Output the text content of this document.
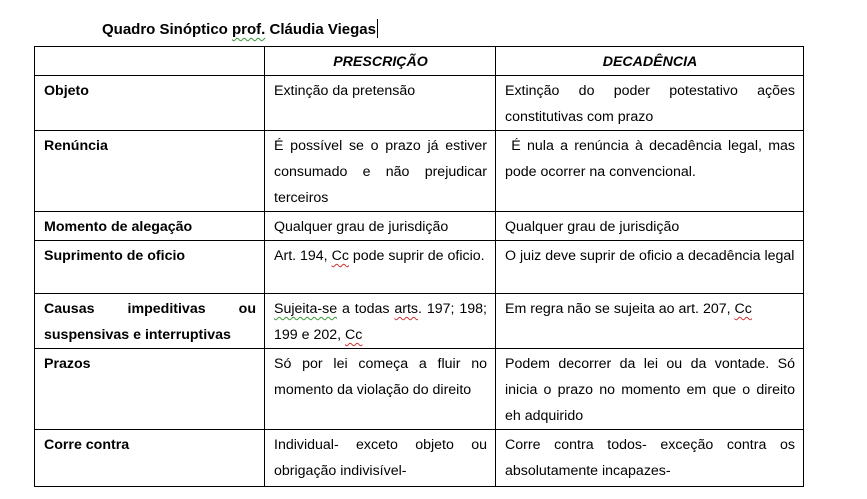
Quadro Sinóptico prof. Cláudia Viegas
	PRESCRIÇÃO	DECADÊNCIA
Objeto	Extinção da pretensão	Extinção do poder potestativo ações constitutivas com prazo
Renúncia	É possível se o prazo já estiver consumado e não prejudicar terceiros	É nula a renúncia à decadência legal, mas pode ocorrer na convencional.
Momento de alegação	Qualquer grau de jurisdição	Qualquer grau de jurisdição
Suprimento de oficio	Art. 194, Cc pode suprir de oficio.	O juiz deve suprir de oficio a decadência legal
Causas impeditivas ou suspensivas e interruptivas	Sujeita-se a todas arts. 197; 198; 199 e 202, Cc	Em regra não se sujeita ao art. 207, Cc
Prazos	Só por lei começa a fluir no momento da violação do direito	Podem decorrer da lei ou da vontade. Só inicia o prazo no momento em que o direito eh adquirido
Corre contra	Individual- exceto objeto ou obrigação indivisível-	Corre contra todos- exceção contra os absolutamente incapazes-
